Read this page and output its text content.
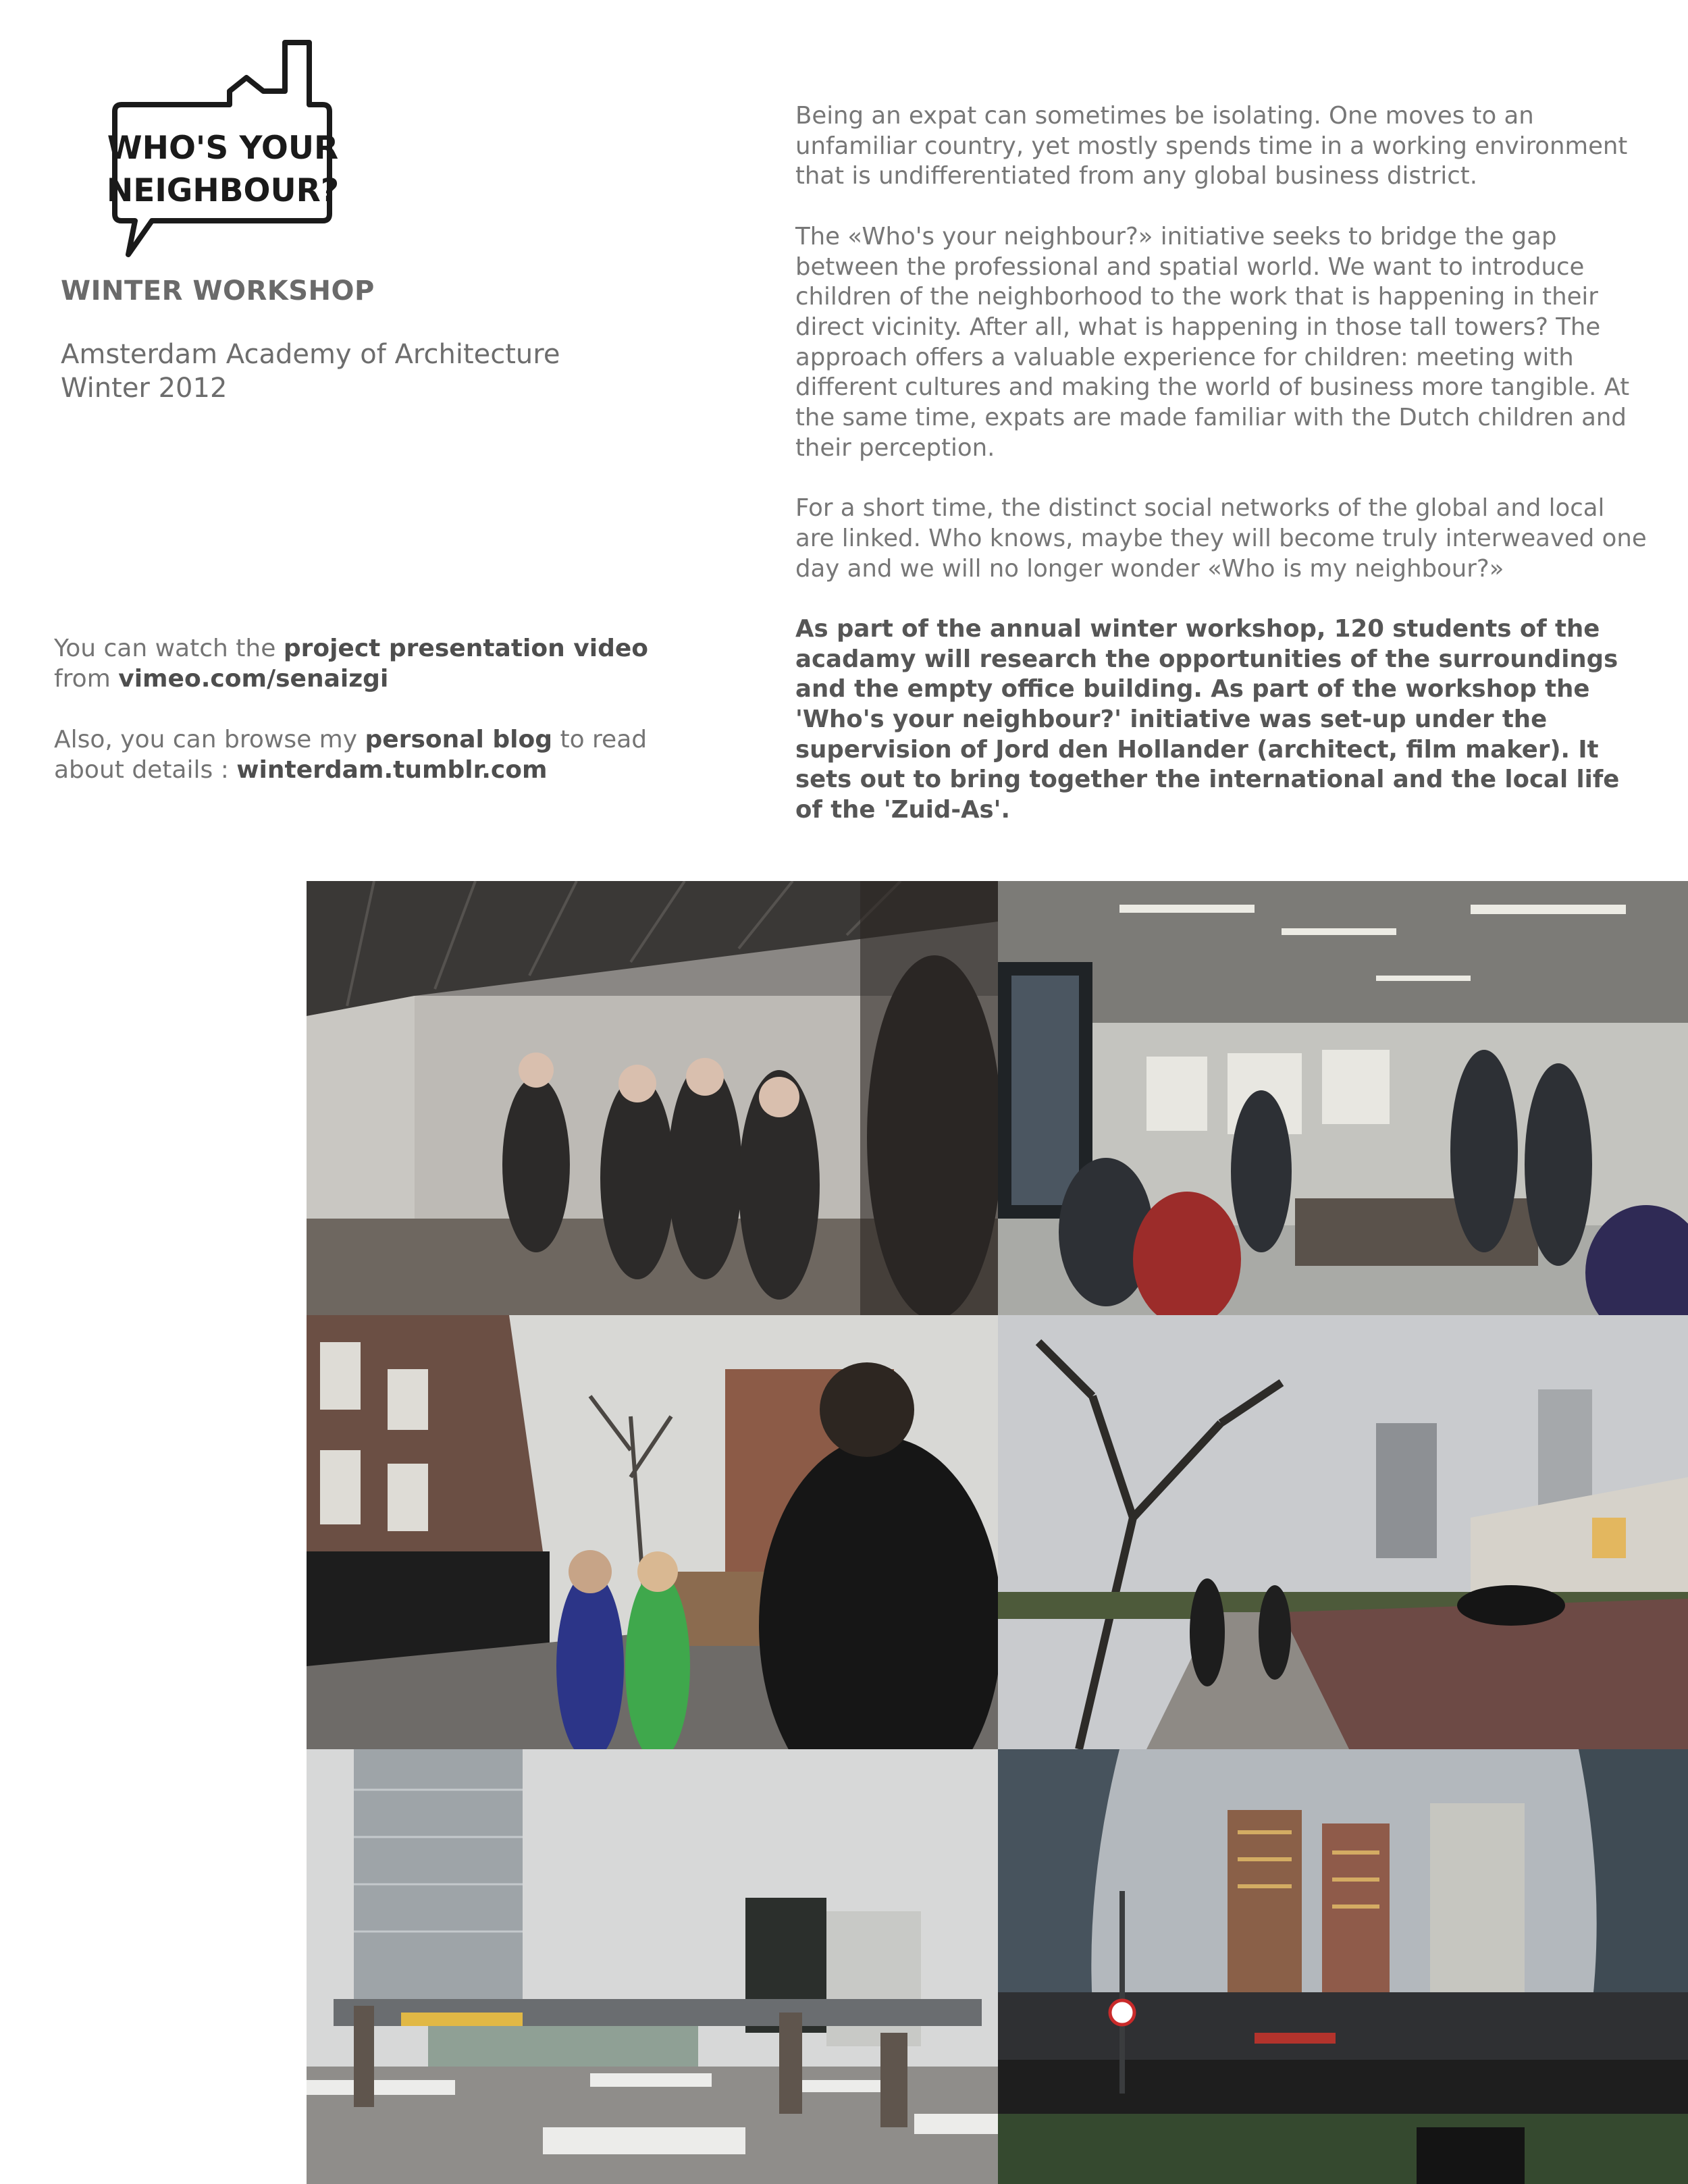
WHO'S YOUR
NEIGHBOUR?
WINTER WORKSHOP
Amsterdam Academy of Architecture
Winter 2012

You can watch the project presentation video
from vimeo.com/senaizgi

Also, you can browse my personal blog to read
about details : winterdam.tumblr.com

Being an expat can sometimes be isolating. One moves to an unfamiliar country, yet mostly spends time in a working environment that is undifferentiated from any global business district.

The «Who's your neighbour?» initiative seeks to bridge the gap between the professional and spatial world. We want to introduce children of the neighborhood to the work that is happening in their direct vicinity. After all, what is happening in those tall towers? The approach offers a valuable experience for children: meeting with different cultures and making the world of business more tangible. At the same time, expats are made familiar with the Dutch children and their perception.

For a short time, the distinct social networks of the global and local are linked. Who knows, maybe they will become truly interweaved one day and we will no longer wonder «Who is my neighbour?»

As part of the annual winter workshop, 120 students of the acadamy will research the opportunities of the surroundings and the empty office building. As part of the workshop the 'Who's your neighbour?' initiative was set-up under the supervision of Jord den Hollander (architect, film maker). It sets out to bring together the international and the local life of the 'Zuid-As'.
